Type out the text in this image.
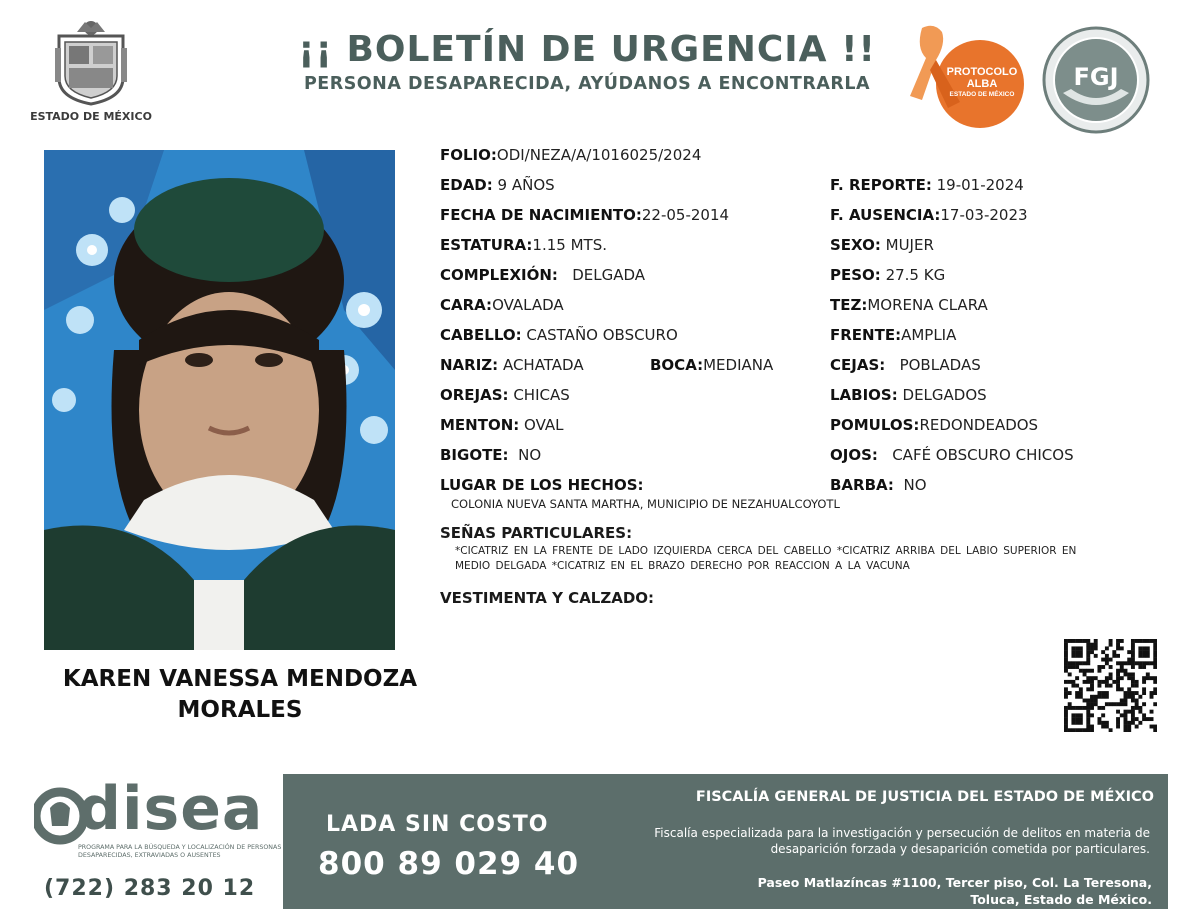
ESTADO DE MÉXICO
¡¡ BOLETÍN DE URGENCIA !!
PERSONA DESAPARECIDA, AYÚDANOS A ENCONTRARLA
PROTOCOLO
ALBA
ESTADO DE MÉXICO
FGJ
KAREN VANESSA MENDOZA
MORALES
FOLIO:ODI/NEZA/A/1016025/2024
EDAD: 9 AÑOS	F. REPORTE: 19-01-2024
FECHA DE NACIMIENTO:22-05-2014	F. AUSENCIA:17-03-2023
ESTATURA:1.15 MTS.	SEXO: MUJER
COMPLEXIÓN: DELGADA	PESO: 27.5 KG
CARA:OVALADA	TEZ:MORENA CLARA
CABELLO: CASTAÑO OBSCURO	FRENTE:AMPLIA
NARIZ: ACHATADA	BOCA:MEDIANA	CEJAS: POBLADAS
OREJAS: CHICAS	LABIOS: DELGADOS
MENTON: OVAL	POMULOS:REDONDEADOS
BIGOTE: NO	OJOS: CAFÉ OBSCURO CHICOS
LUGAR DE LOS HECHOS:	BARBA: NO
COLONIA NUEVA SANTA MARTHA, MUNICIPIO DE NEZAHUALCOYOTL
SEÑAS PARTICULARES:
*CICATRIZ EN LA FRENTE DE LADO IZQUIERDA CERCA DEL CABELLO *CICATRIZ ARRIBA DEL LABIO SUPERIOR EN MEDIO DELGADA *CICATRIZ EN EL BRAZO DERECHO POR REACCION A LA VACUNA
VESTIMENTA Y CALZADO:
disea
PROGRAMA PARA LA BÚSQUEDA Y LOCALIZACIÓN DE PERSONAS DESAPARECIDAS, EXTRAVIADAS O AUSENTES
(722) 283 20 12
LADA SIN COSTO
800 89 029 40
FISCALÍA GENERAL DE JUSTICIA DEL ESTADO DE MÉXICO
Fiscalía especializada para la investigación y persecución de delitos en materia de desaparición forzada y desaparición cometida por particulares.
Paseo Matlazíncas #1100, Tercer piso, Col. La Teresona,
Toluca, Estado de México.
